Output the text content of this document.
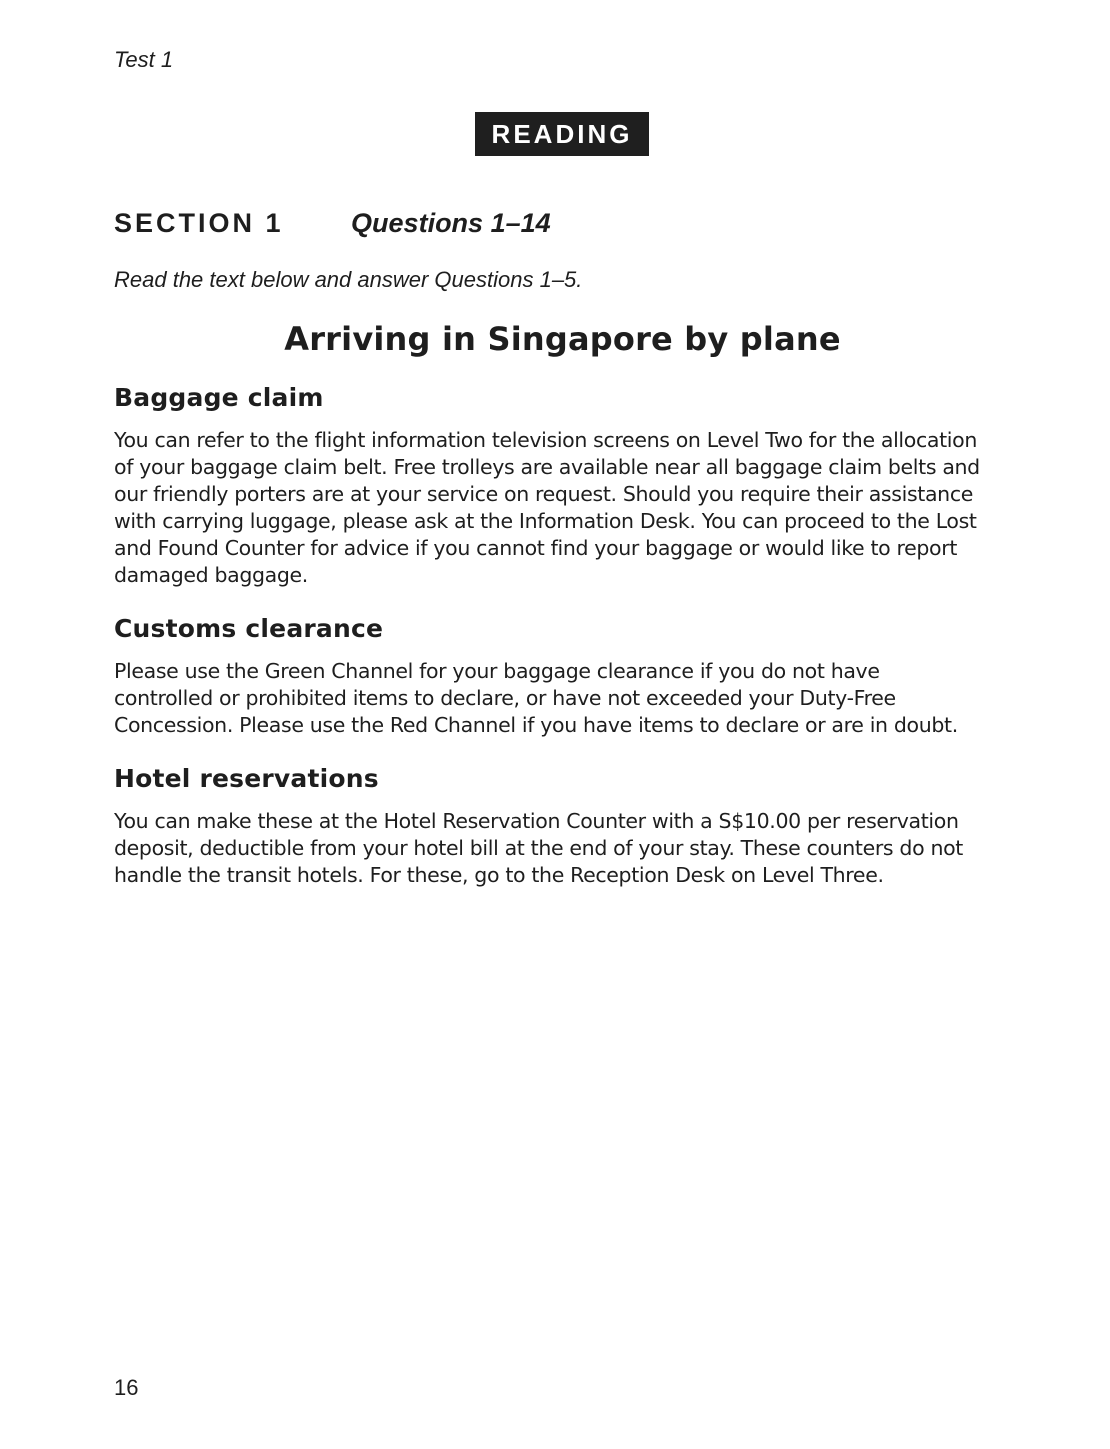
Test 1
READING
SECTION 1	Questions 1–14
Read the text below and answer Questions 1–5.
Arriving in Singapore by plane
Baggage claim

You can refer to the flight information television screens on Level Two for the allocation
of your baggage claim belt. Free trolleys are available near all baggage claim belts and
our friendly porters are at your service on request. Should you require their assistance
with carrying luggage, please ask at the Information Desk. You can proceed to the Lost
and Found Counter for advice if you cannot find your baggage or would like to report
damaged baggage.

Customs clearance

Please use the Green Channel for your baggage clearance if you do not have
controlled or prohibited items to declare, or have not exceeded your Duty-Free
Concession. Please use the Red Channel if you have items to declare or are in doubt.

Hotel reservations

You can make these at the Hotel Reservation Counter with a S$10.00 per reservation
deposit, deductible from your hotel bill at the end of your stay. These counters do not
handle the transit hotels. For these, go to the Reception Desk on Level Three.

16
